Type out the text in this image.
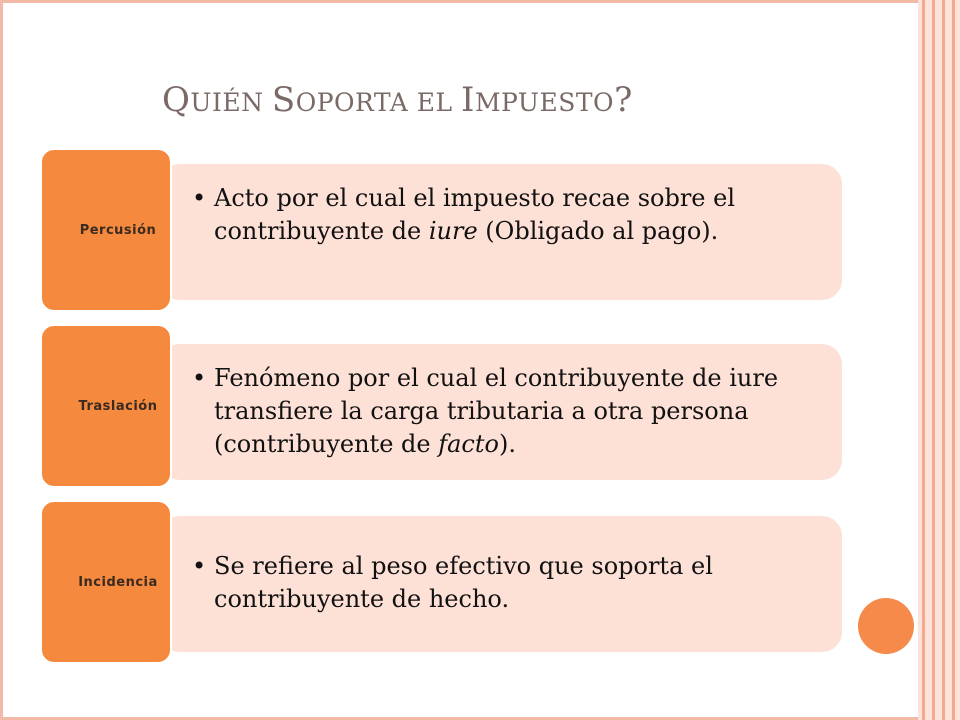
QUIÉN SOPORTA EL IMPUESTO?
• Acto por el cual el impuesto recae sobre el contribuyente de iure (Obligado al pago).
Percusión
• Fenómeno por el cual el contribuyente de iure transfiere la carga tributaria a otra persona (contribuyente de facto).
Traslación
• Se refiere al peso efectivo que soporta el contribuyente de hecho.
Incidencia
